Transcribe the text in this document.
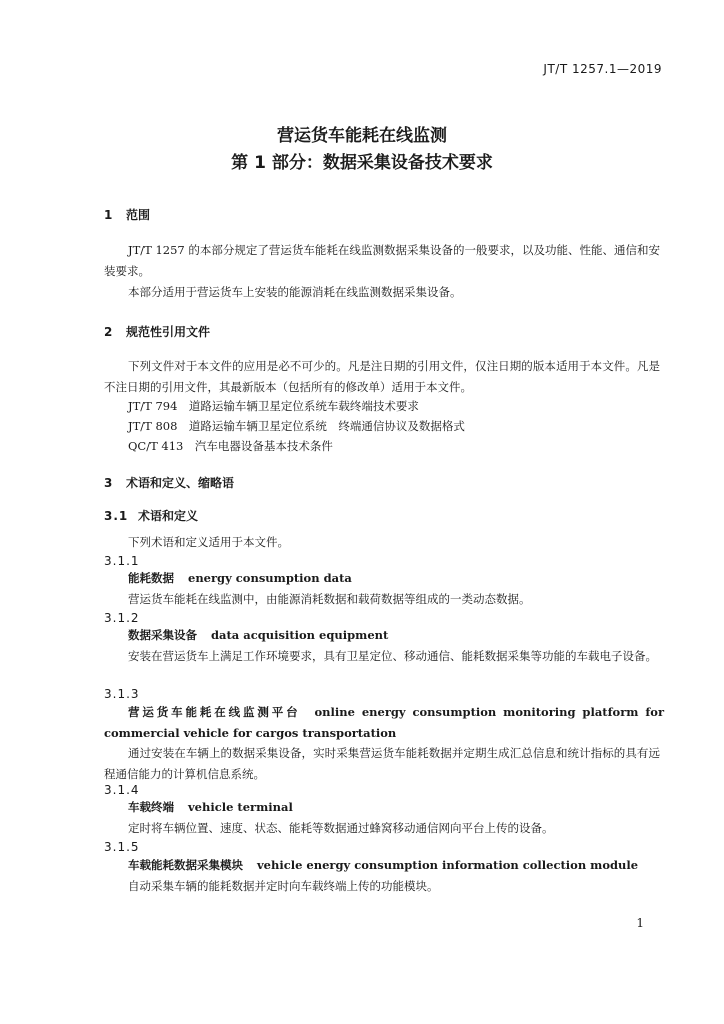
JT/T 1257.1—2019
营运货车能耗在线监测
第 1 部分：数据采集设备技术要求
1 范围
JT/T 1257 的本部分规定了营运货车能耗在线监测数据采集设备的一般要求，以及功能、性能、通信和安装要求。
本部分适用于营运货车上安装的能源消耗在线监测数据采集设备。
2 规范性引用文件
下列文件对于本文件的应用是必不可少的。凡是注日期的引用文件，仅注日期的版本适用于本文件。凡是不注日期的引用文件，其最新版本（包括所有的修改单）适用于本文件。
JT/T 794　道路运输车辆卫星定位系统车载终端技术要求
JT/T 808　道路运输车辆卫星定位系统　终端通信协议及数据格式
QC/T 413　汽车电器设备基本技术条件
3 术语和定义、缩略语
3.1 术语和定义
下列术语和定义适用于本文件。
3.1.1
能耗数据 energy consumption data
营运货车能耗在线监测中，由能源消耗数据和载荷数据等组成的一类动态数据。
3.1.2
数据采集设备 data acquisition equipment
安装在营运货车上满足工作环境要求，具有卫星定位、移动通信、能耗数据采集等功能的车载电子设备。
3.1.3
营运货车能耗在线监测平台 online energy consumption monitoring platform for commercial vehicle for cargos transportation
通过安装在车辆上的数据采集设备，实时采集营运货车能耗数据并定期生成汇总信息和统计指标的具有远程通信能力的计算机信息系统。
3.1.4
车载终端 vehicle terminal
定时将车辆位置、速度、状态、能耗等数据通过蜂窝移动通信网向平台上传的设备。
3.1.5
车载能耗数据采集模块 vehicle energy consumption information collection module
自动采集车辆的能耗数据并定时向车载终端上传的功能模块。
1
